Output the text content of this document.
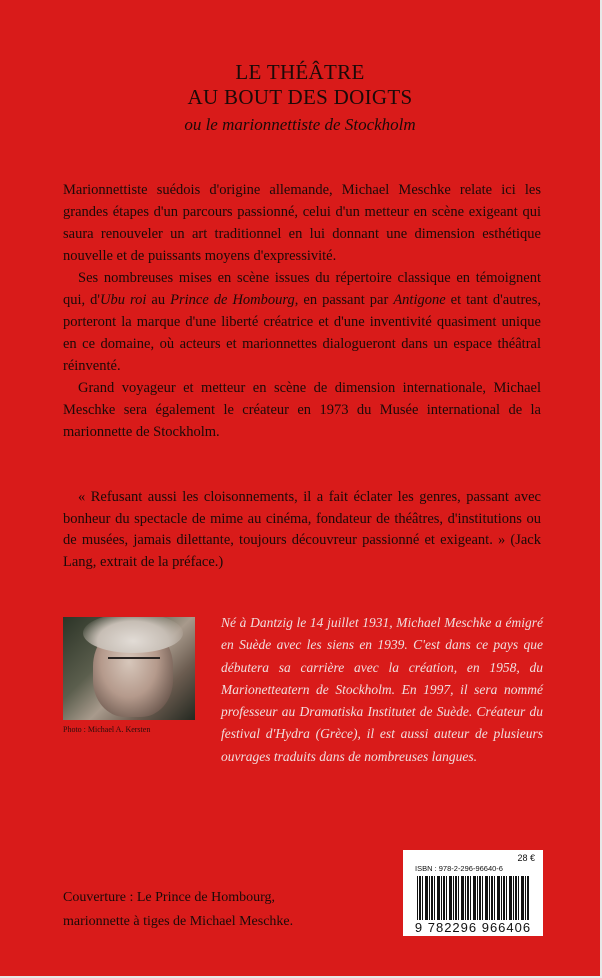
LE THÉÂTRE
AU BOUT DES DOIGTS
ou le marionnettiste de Stockholm

Marionnettiste suédois d'origine allemande, Michael Meschke relate ici les grandes étapes d'un parcours passionné, celui d'un metteur en scène exigeant qui saura renouveler un art traditionnel en lui donnant une dimension esthétique nouvelle et de puissants moyens d'expressivité.

Ses nombreuses mises en scène issues du répertoire classique en témoignent qui, d'Ubu roi au Prince de Hombourg, en passant par Antigone et tant d'autres, porteront la marque d'une liberté créatrice et d'une inventivité quasiment unique en ce domaine, où acteurs et marionnettes dialogueront dans un espace théâtral réinventé.

Grand voyageur et metteur en scène de dimension internationale, Michael Meschke sera également le créateur en 1973 du Musée international de la marionnette de Stockholm.

« Refusant aussi les cloisonnements, il a fait éclater les genres, passant avec bonheur du spectacle de mime au cinéma, fondateur de théâtres, d'institutions ou de musées, jamais dilettante, toujours découvreur passionné et exigeant. » (Jack Lang, extrait de la préface.)
Photo : Michael A. Kersten
Né à Dantzig le 14 juillet 1931, Michael Meschke a émigré en Suède avec les siens en 1939. C'est dans ce pays que débutera sa carrière avec la création, en 1958, du Marionetteatern de Stockholm. En 1997, il sera nommé professeur au Dramatiska Institutet de Suède. Créateur du festival d'Hydra (Grèce), il est aussi auteur de plusieurs ouvrages traduits dans de nombreuses langues.
28 €
ISBN : 978-2-296-96640-6
9 782296 966406
Couverture : Le Prince de Hombourg,
marionnette à tiges de Michael Meschke.
